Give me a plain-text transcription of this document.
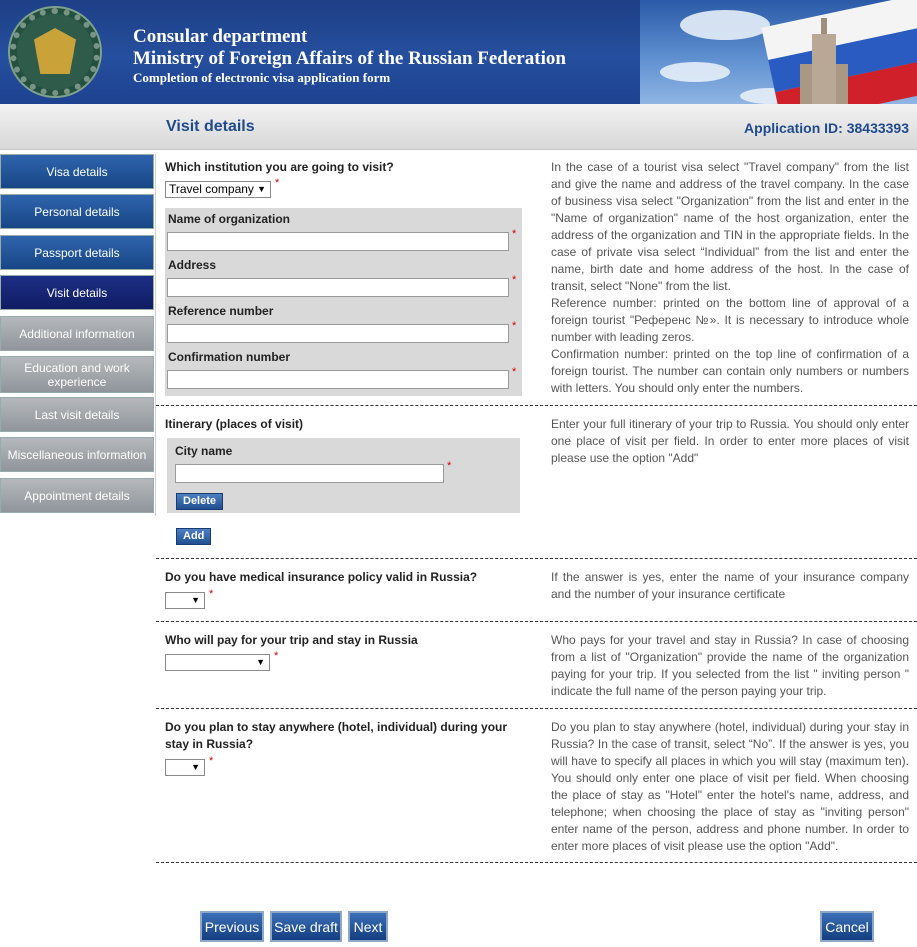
Consular department
Ministry of Foreign Affairs of the Russian Federation
Completion of electronic visa application form
Visit details	Application ID: 38433393
Visa details
Personal details
Passport details
Visit details
Additional information
Education and work experience
Last visit details
Miscellaneous information
Appointment details
Which institution you are going to visit?
Travel company ▼ *
Name of organization
*
Address
*
Reference number
*
Confirmation number
*
In the case of a tourist visa select "Travel company" from the list and give the name and address of the travel company. In the case of business visa select "Organization" from the list and enter in the "Name of organization" name of the host organization, enter the address of the organization and TIN in the appropriate fields. In the case of private visa select “Individual” from the list and enter the name, birth date and home address of the host. In the case of transit, select "None" from the list.
Reference number: printed on the bottom line of approval of a foreign tourist "Референс №». It is necessary to introduce whole number with leading zeros.
Confirmation number: printed on the top line of confirmation of a foreign tourist. The number can contain only numbers or numbers with letters. You should only enter the numbers.
Itinerary (places of visit)
City name
*
Delete
Add
Enter your full itinerary of your trip to Russia. You should only enter one place of visit per field. In order to enter more places of visit please use the option "Add"
Do you have medical insurance policy valid in Russia?
▼ *
If the answer is yes, enter the name of your insurance company and the number of your insurance certificate
Who will pay for your trip and stay in Russia
▼ *
Who pays for your travel and stay in Russia? In case of choosing from a list of "Organization" provide the name of the organization paying for your trip. If you selected from the list " inviting person " indicate the full name of the person paying your trip.
Do you plan to stay anywhere (hotel, individual) during your stay in Russia?
▼ *
Do you plan to stay anywhere (hotel, individual) during your stay in Russia? In the case of transit, select “No”. If the answer is yes, you will have to specify all places in which you will stay (maximum ten). You should only enter one place of visit per field. When choosing the place of stay as "Hotel" enter the hotel's name, address, and telephone; when choosing the place of stay as "inviting person" enter name of the person, address and phone number. In order to enter more places of visit please use the option "Add".
Previous	Save draft	Next	Cancel
